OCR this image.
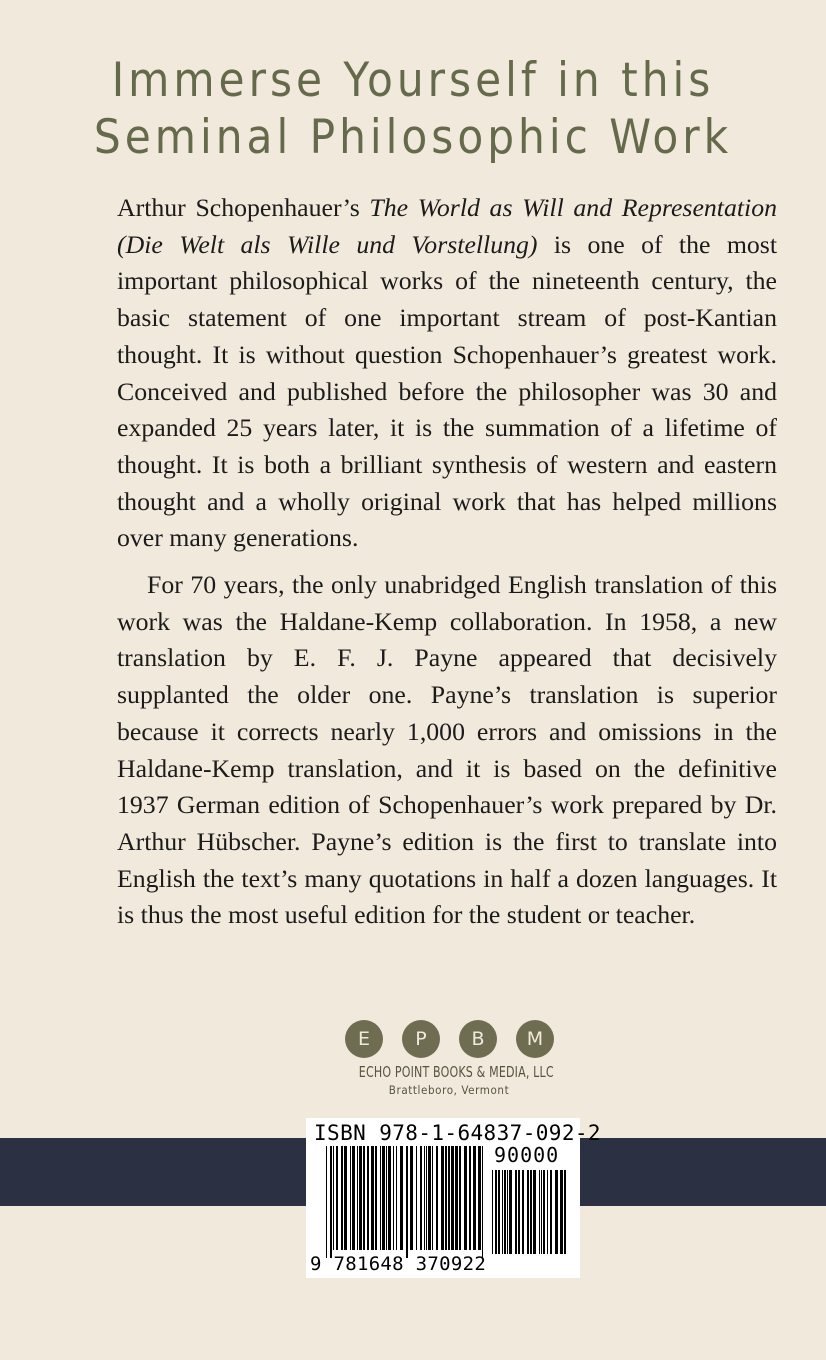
Immerse Yourself in this
Seminal Philosophic Work

Arthur Schopenhauer’s The World as Will and Representation (Die Welt als Wille und Vorstellung) is one of the most important philosophical works of the nineteenth century, the basic statement of one important stream of post-Kantian thought. It is without question Schopenhauer’s greatest work. Conceived and published before the philosopher was 30 and expanded 25 years later, it is the summation of a lifetime of thought. It is both a brilliant synthesis of western and eastern thought and a wholly original work that has helped millions over many generations.

For 70 years, the only unabridged English translation of this work was the Haldane-Kemp collaboration. In 1958, a new translation by E. F. J. Payne appeared that decisively supplanted the older one. Payne’s translation is superior because it corrects nearly 1,000 errors and omissions in the Haldane-Kemp translation, and it is based on the definitive 1937 German edition of Schopenhauer’s work prepared by Dr. Arthur Hübscher. Payne’s edition is the first to translate into English the text’s many quotations in half a dozen languages. It is thus the most useful edition for the student or teacher.

E	P	B	M
ECHO POINT BOOKS & MEDIA, LLC
Brattleboro, Vermont
ISBN 978-1-64837-092-2
90000
9 781648 370922
